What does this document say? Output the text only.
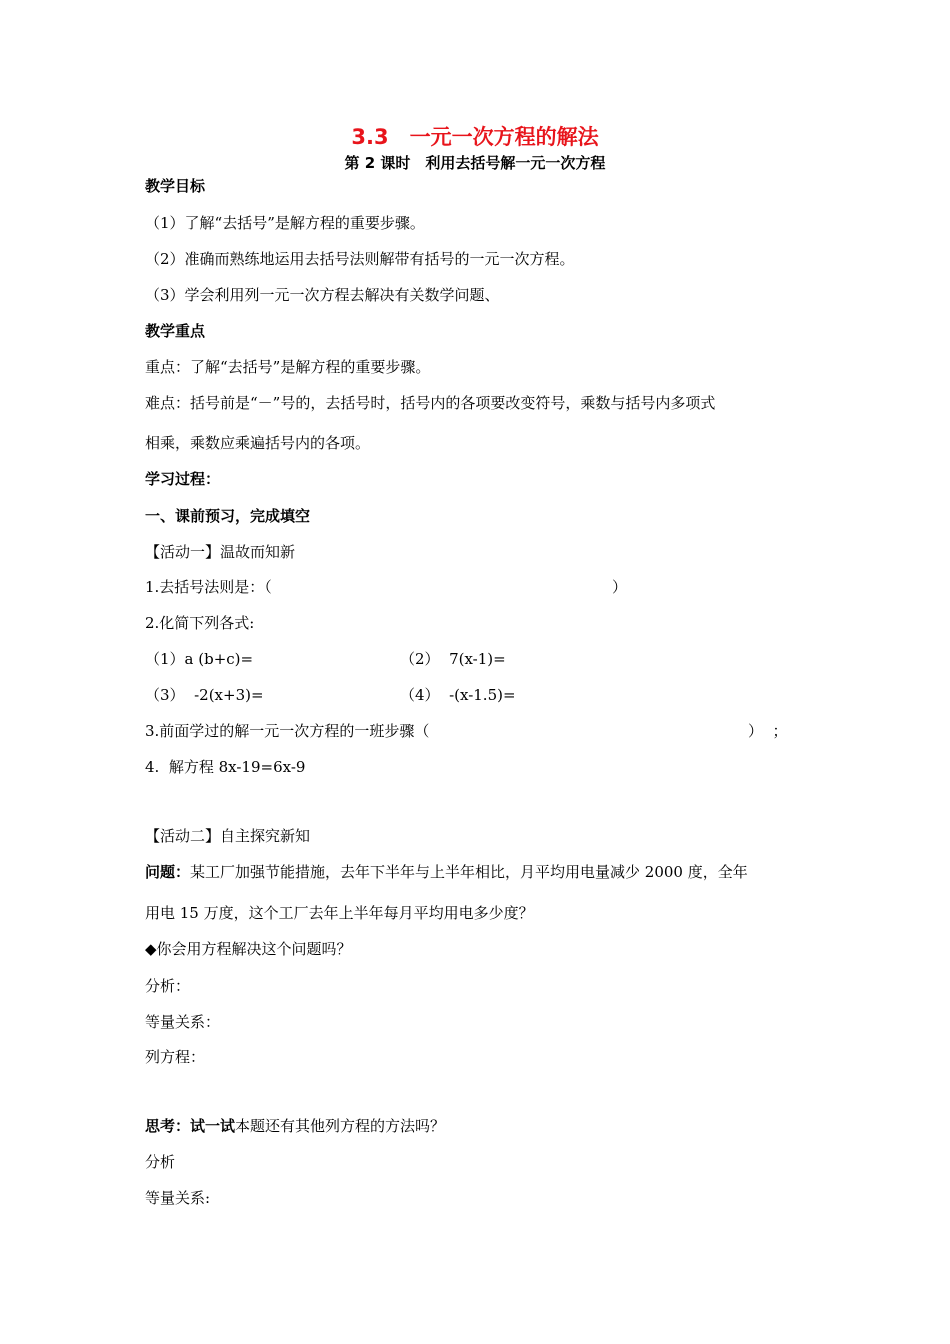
3.3　一元一次方程的解法
第 2 课时　利用去括号解一元一次方程
教学目标
（1）了解“去括号”是解方程的重要步骤。
（2）准确而熟练地运用去括号法则解带有括号的一元一次方程。
（3）学会利用列一元一次方程去解决有关数学问题、
教学重点
重点：了解“去括号”是解方程的重要步骤。
难点：括号前是“－”号的，去括号时，括号内的各项要改变符号，乘数与括号内多项式
相乘，乘数应乘遍括号内的各项。
学习过程：
一、课前预习，完成填空
【活动一】温故而知新
1.去括号法则是：（	）
2.化简下列各式:
（1）a (b+c)=	（2）  7(x-1)=
（3）  -2(x+3)=	（4）  -(x-1.5)=
3.前面学过的解一元一次方程的一班步骤（	）  ；
4.  解方程 8x-19=6x-9
【活动二】自主探究新知
问题：某工厂加强节能措施，去年下半年与上半年相比，月平均用电量减少 2000 度，全年
用电 15 万度，这个工厂去年上半年每月平均用电多少度？
◆你会用方程解决这个问题吗？
分析：
等量关系：
列方程：
思考：试一试本题还有其他列方程的方法吗？
分析
等量关系:
